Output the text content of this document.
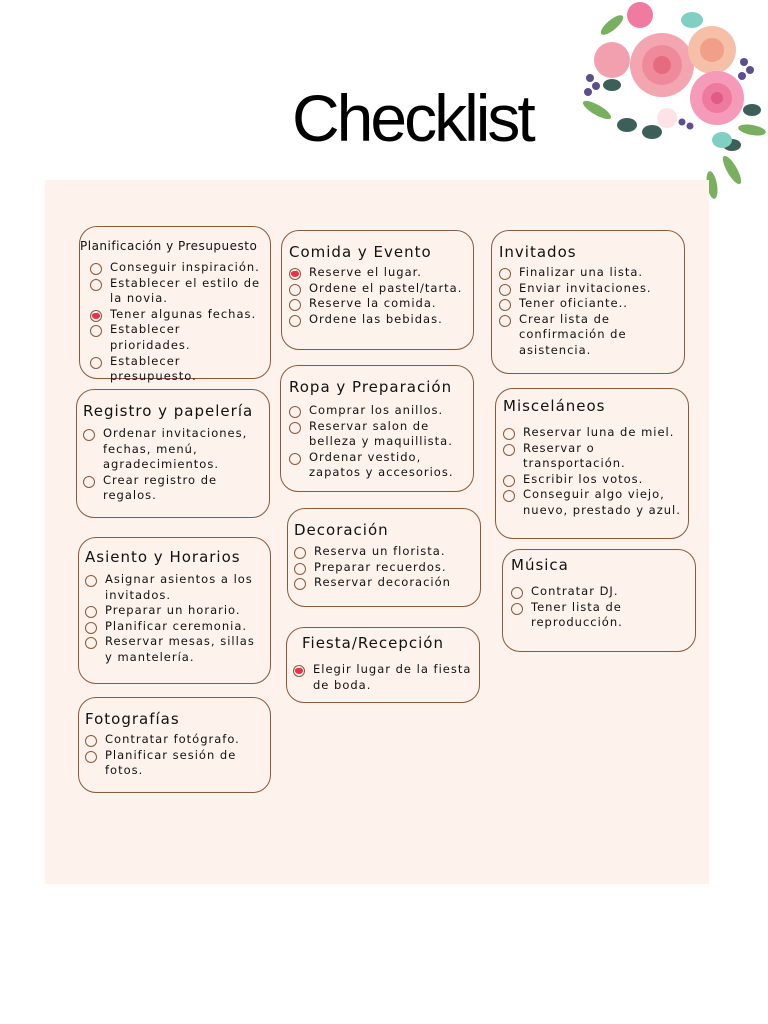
Checklist
Planificación y Presupuesto
Conseguir inspiración.
Establecer el estilo de la novia.
Tener algunas fechas.
Establecer prioridades.
Establecer presupuesto.
Comida y Evento
Reserve el lugar.
Ordene el pastel/tarta.
Reserve la comida.
Ordene las bebidas.
Invitados
Finalizar una lista.
Enviar invitaciones.
Tener oficiante..
Crear lista de confirmación de asistencia.
Registro y papelería
Ordenar invitaciones, fechas, menú, agradecimientos.
Crear registro de regalos.
Ropa y Preparación
Comprar los anillos.
Reservar salon de belleza y maquillista.
Ordenar vestido, zapatos y accesorios.
Misceláneos
Reservar luna de miel.
Reservar o transportación.
Escribir los votos.
Conseguir algo viejo, nuevo, prestado y azul.
Asiento y Horarios
Asignar asientos a los invitados.
Preparar un horario.
Planificar ceremonia.
Reservar mesas, sillas y mantelería.
Decoración
Reserva un florista.
Preparar recuerdos.
Reservar decoración
Música
Contratar DJ.
Tener lista de reproducción.
Fiesta/Recepción
Elegir lugar de la fiesta de boda.
Fotografías
Contratar fotógrafo.
Planificar sesión de fotos.
